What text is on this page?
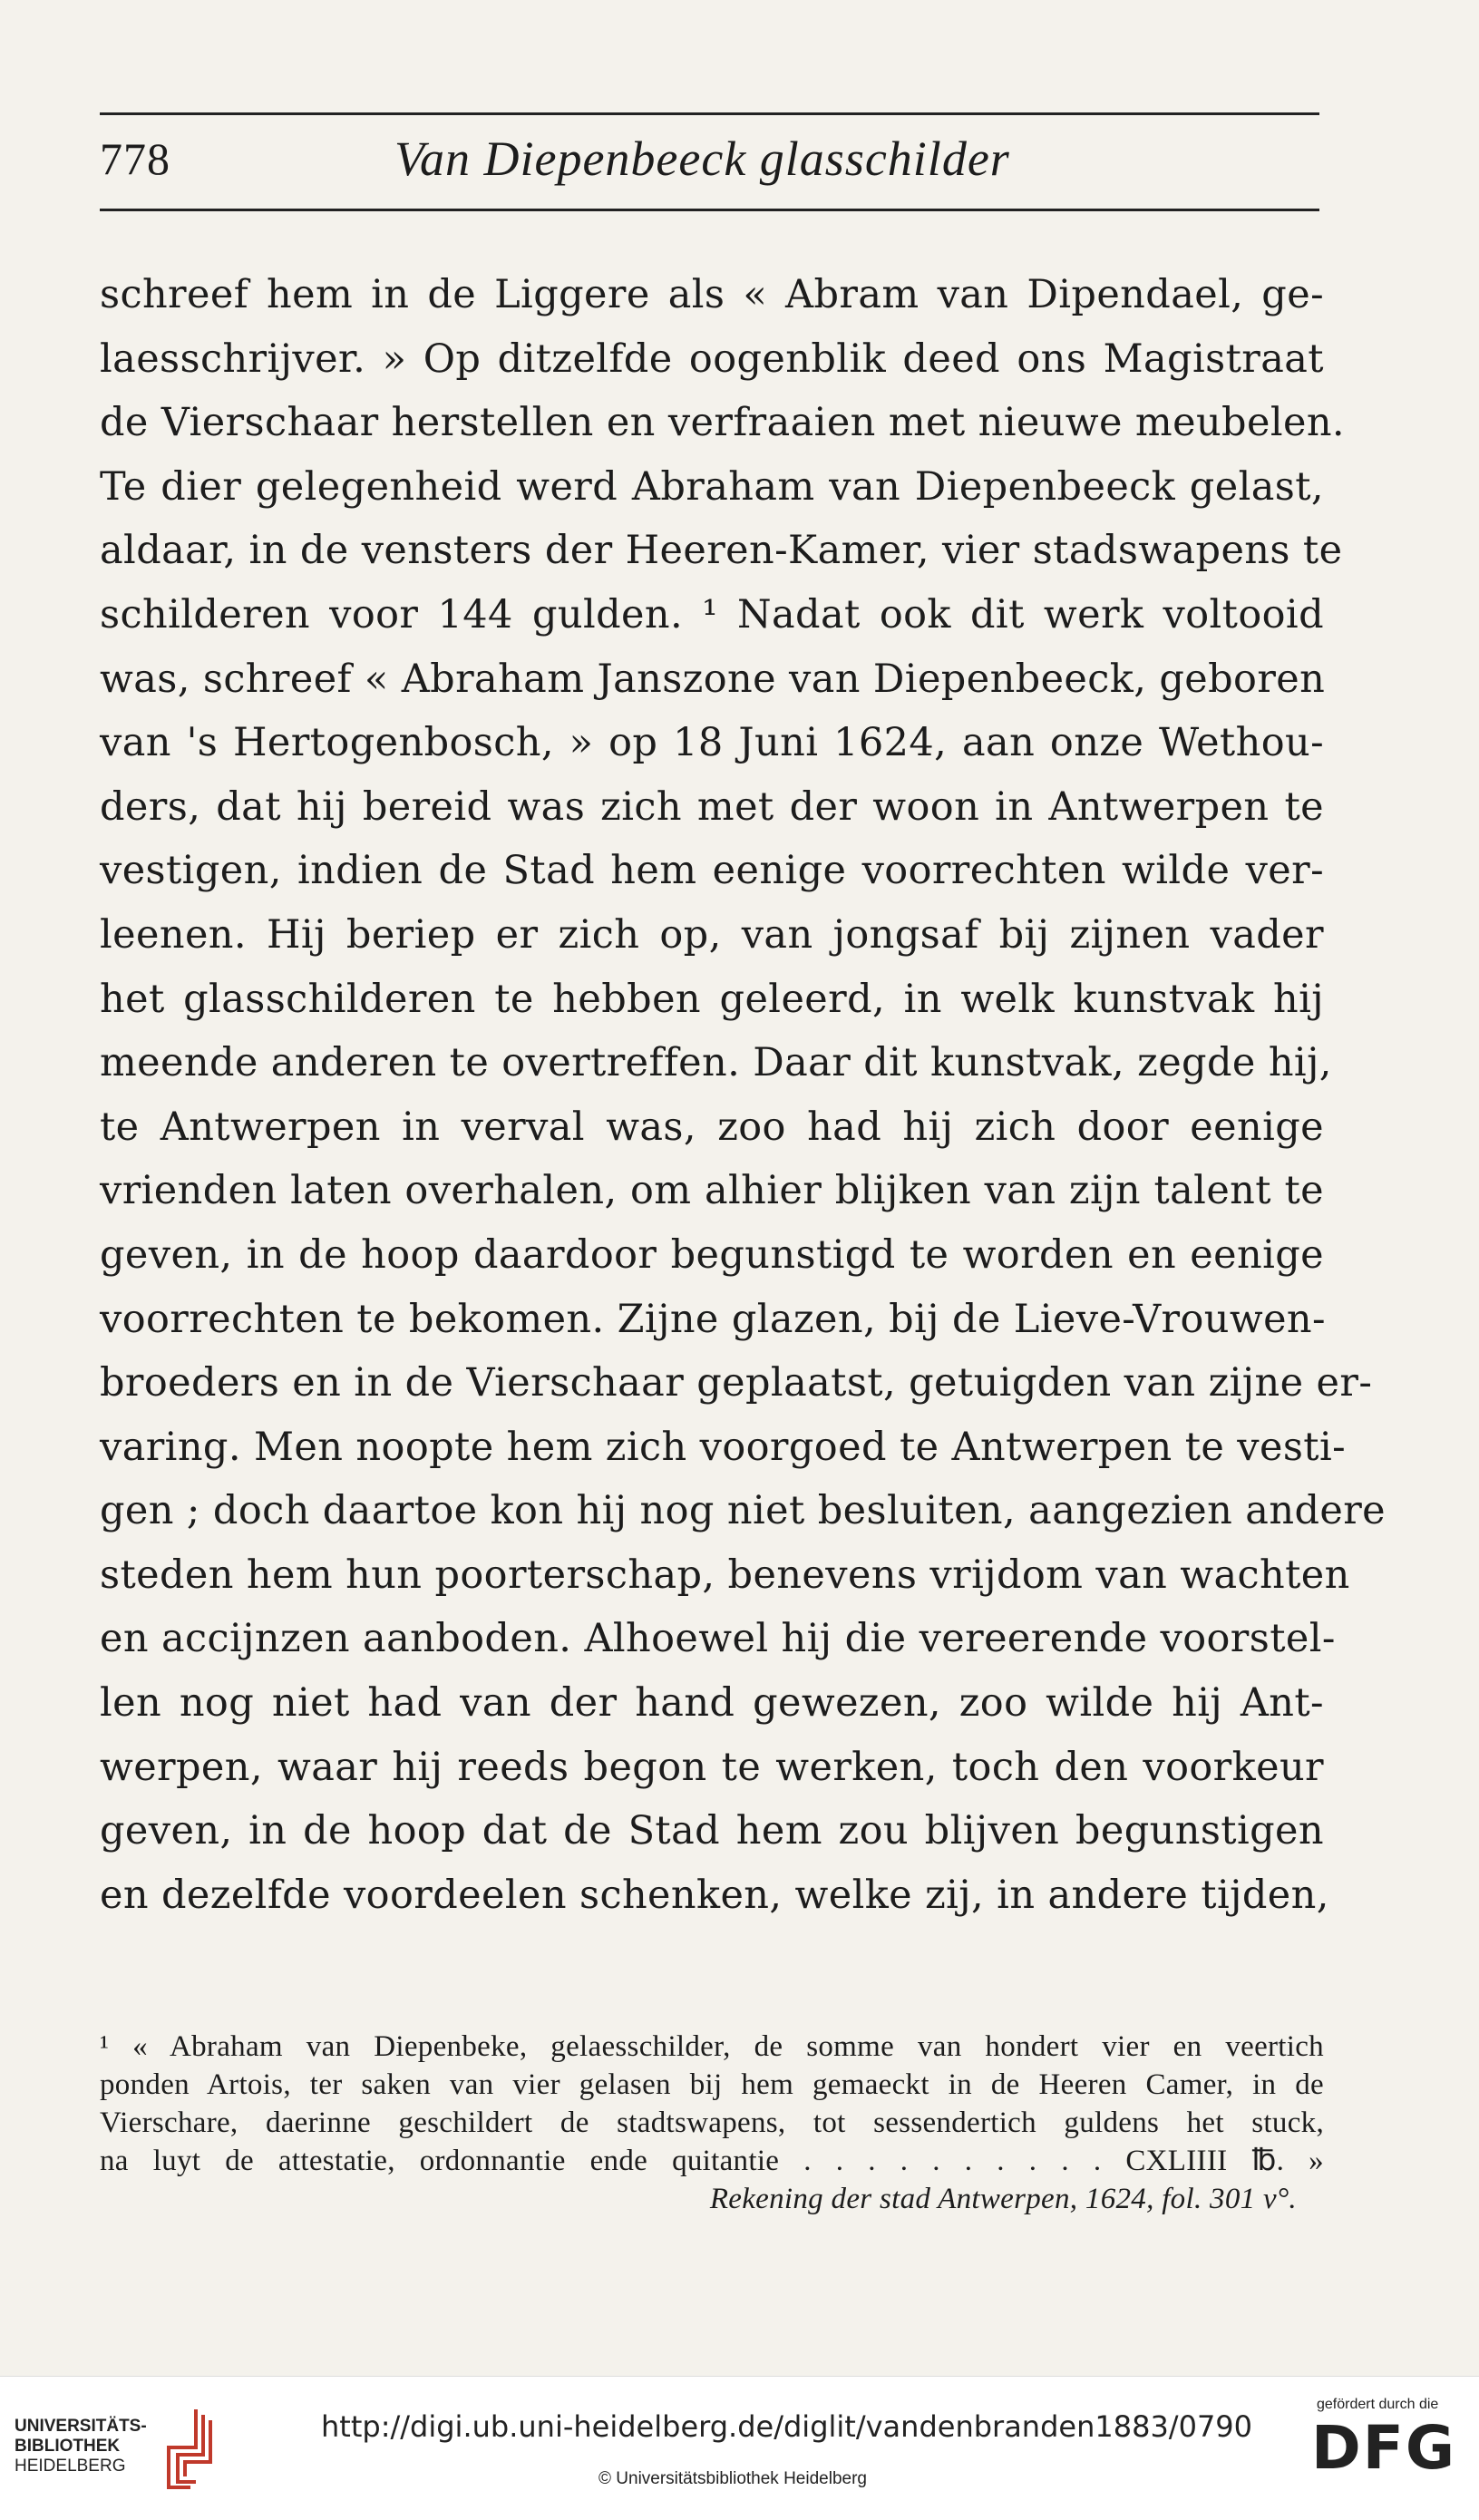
778	Van Diepenbeeck glasschilder
schreef hem in de Liggere als « Abram van Dipendael, ge-
laesschrijver. » Op ditzelfde oogenblik deed ons Magistraat
de Vierschaar herstellen en verfraaien met nieuwe meubelen.
Te dier gelegenheid werd Abraham van Diepenbeeck gelast,
aldaar, in de vensters der Heeren-Kamer, vier stadswapens te
schilderen voor 144 gulden. ¹ Nadat ook dit werk voltooid
was, schreef « Abraham Janszone van Diepenbeeck, geboren
van 's Hertogenbosch, » op 18 Juni 1624, aan onze Wethou-
ders, dat hij bereid was zich met der woon in Antwerpen te
vestigen, indien de Stad hem eenige voorrechten wilde ver-
leenen. Hij beriep er zich op, van jongsaf bij zijnen vader
het glasschilderen te hebben geleerd, in welk kunstvak hij
meende anderen te overtreffen. Daar dit kunstvak, zegde hij,
te Antwerpen in verval was, zoo had hij zich door eenige
vrienden laten overhalen, om alhier blijken van zijn talent te
geven, in de hoop daardoor begunstigd te worden en eenige
voorrechten te bekomen. Zijne glazen, bij de Lieve-Vrouwen-
broeders en in de Vierschaar geplaatst, getuigden van zijne er-
varing. Men noopte hem zich voorgoed te Antwerpen te vesti-
gen ; doch daartoe kon hij nog niet besluiten, aangezien andere
steden hem hun poorterschap, benevens vrijdom van wachten
en accijnzen aanboden. Alhoewel hij die vereerende voorstel-
len nog niet had van der hand gewezen, zoo wilde hij Ant-
werpen, waar hij reeds begon te werken, toch den voorkeur
geven, in de hoop dat de Stad hem zou blijven begunstigen
en dezelfde voordeelen schenken, welke zij, in andere tijden,
¹ « Abraham van Diepenbeke, gelaesschilder, de somme van hondert vier en veertich
ponden Artois, ter saken van vier gelasen bij hem gemaeckt in de Heeren Camer, in de
Vierschare, daerinne geschildert de stadtswapens, tot sessendertich guldens het stuck,
na luyt de attestatie, ordonnantie ende quitantie . . . . . . . . . . CXLIIII ℔. »
Rekening der stad Antwerpen, 1624, fol. 301 v°.
UNIVERSITÄTS-
BIBLIOTHEK
HEIDELBERG
http://digi.ub.uni-heidelberg.de/diglit/vandenbranden1883/0790
© Universitätsbibliothek Heidelberg
gefördert durch die
DFG
